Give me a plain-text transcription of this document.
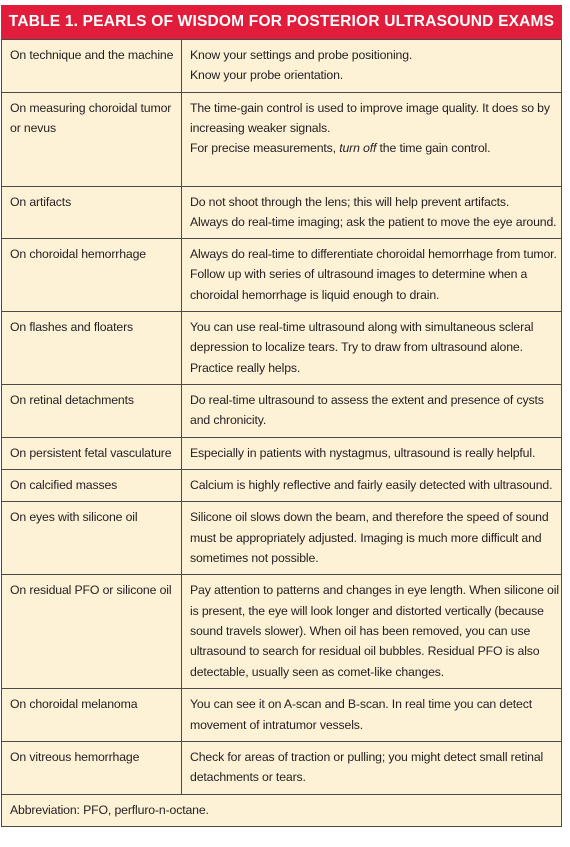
TABLE 1. PEARLS OF WISDOM FOR POSTERIOR ULTRASOUND EXAMS
On technique and the machine	Know your settings and probe positioning.
Know your probe orientation.

On measuring choroidal tumor
or nevus	The time-gain control is used to improve image quality. It does so by
increasing weaker signals.
For precise measurements, turn off the time gain control.

On artifacts	Do not shoot through the lens; this will help prevent artifacts.
Always do real-time imaging; ask the patient to move the eye around.

On choroidal hemorrhage	Always do real-time to differentiate choroidal hemorrhage from tumor.
Follow up with series of ultrasound images to determine when a
choroidal hemorrhage is liquid enough to drain.

On flashes and floaters	You can use real-time ultrasound along with simultaneous scleral
depression to localize tears. Try to draw from ultrasound alone.
Practice really helps.

On retinal detachments	Do real-time ultrasound to assess the extent and presence of cysts
and chronicity.

On persistent fetal vasculature	Especially in patients with nystagmus, ultrasound is really helpful.

On calcified masses	Calcium is highly reflective and fairly easily detected with ultrasound.

On eyes with silicone oil	Silicone oil slows down the beam, and therefore the speed of sound
must be appropriately adjusted. Imaging is much more difficult and
sometimes not possible.

On residual PFO or silicone oil	Pay attention to patterns and changes in eye length. When silicone oil
is present, the eye will look longer and distorted vertically (because
sound travels slower). When oil has been removed, you can use
ultrasound to search for residual oil bubbles. Residual PFO is also
detectable, usually seen as comet-like changes.

On choroidal melanoma	You can see it on A-scan and B-scan. In real time you can detect
movement of intratumor vessels.

On vitreous hemorrhage	Check for areas of traction or pulling; you might detect small retinal
detachments or tears.

Abbreviation: PFO, perfluro-n-octane.	
